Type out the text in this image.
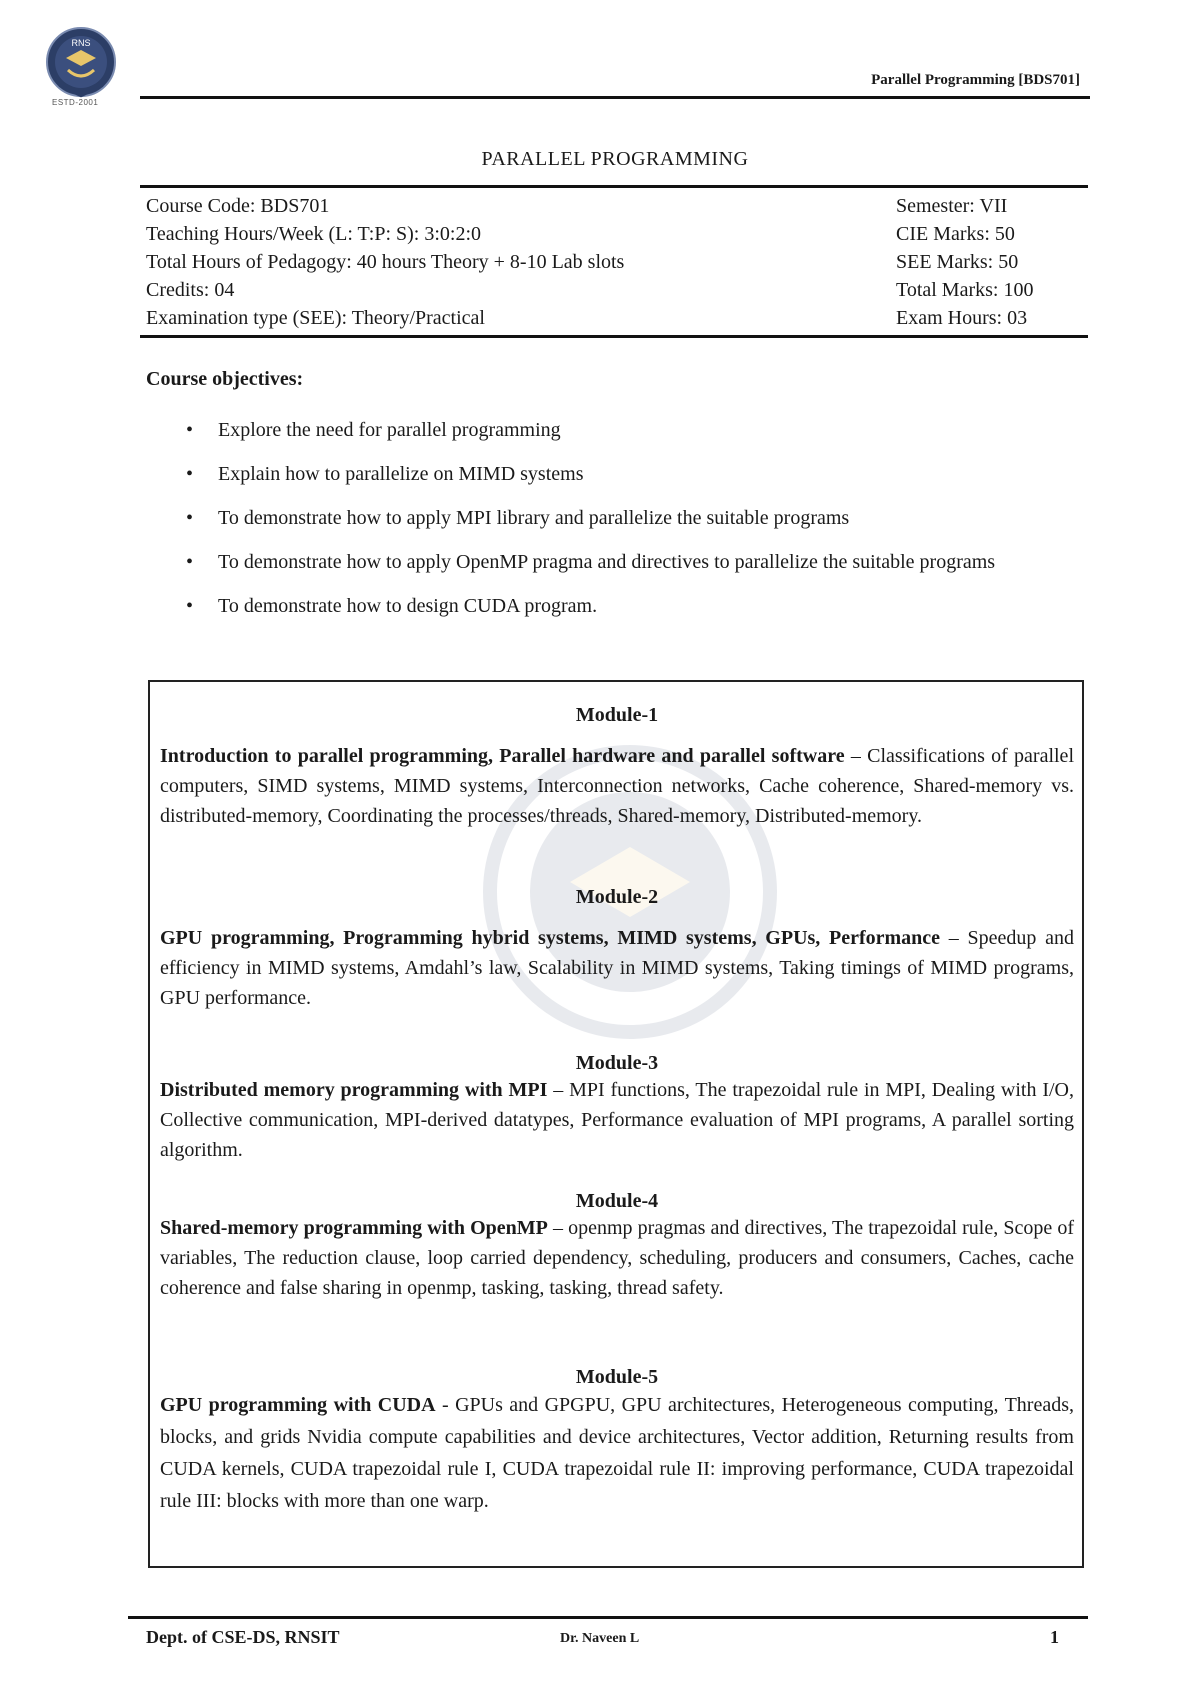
RNS
ESTD-2001
Parallel Programming [BDS701]
PARALLEL PROGRAMMING
Course Code: BDS701	Semester: VII
Teaching Hours/Week (L: T:P: S): 3:0:2:0	CIE Marks: 50
Total Hours of Pedagogy: 40 hours Theory + 8-10 Lab slots	SEE Marks: 50
Credits: 04	Total Marks: 100
Examination type (SEE): Theory/Practical	Exam Hours: 03
Course objectives:
• Explore the need for parallel programming
• Explain how to parallelize on MIMD systems
• To demonstrate how to apply MPI library and parallelize the suitable programs
• To demonstrate how to apply OpenMP pragma and directives to parallelize the suitable programs
• To demonstrate how to design CUDA program.
Module-1
Introduction to parallel programming, Parallel hardware and parallel software – Classifications of parallel computers, SIMD systems, MIMD systems, Interconnection networks, Cache coherence, Shared-memory vs. distributed-memory, Coordinating the processes/threads, Shared-memory, Distributed-memory.
Module-2
GPU programming, Programming hybrid systems, MIMD systems, GPUs, Performance – Speedup and efficiency in MIMD systems, Amdahl’s law, Scalability in MIMD systems, Taking timings of MIMD programs, GPU performance.
Module-3
Distributed memory programming with MPI – MPI functions, The trapezoidal rule in MPI, Dealing with I/O, Collective communication, MPI-derived datatypes, Performance evaluation of MPI programs, A parallel sorting algorithm.
Module-4
Shared-memory programming with OpenMP – openmp pragmas and directives, The trapezoidal rule, Scope of variables, The reduction clause, loop carried dependency, scheduling, producers and consumers, Caches, cache coherence and false sharing in openmp, tasking, tasking, thread safety.
Module-5
GPU programming with CUDA - GPUs and GPGPU, GPU architectures, Heterogeneous computing, Threads, blocks, and grids Nvidia compute capabilities and device architectures, Vector addition, Returning results from CUDA kernels, CUDA trapezoidal rule I, CUDA trapezoidal rule II: improving performance, CUDA trapezoidal rule III: blocks with more than one warp.
Dept. of CSE-DS, RNSIT	Dr. Naveen L	1
